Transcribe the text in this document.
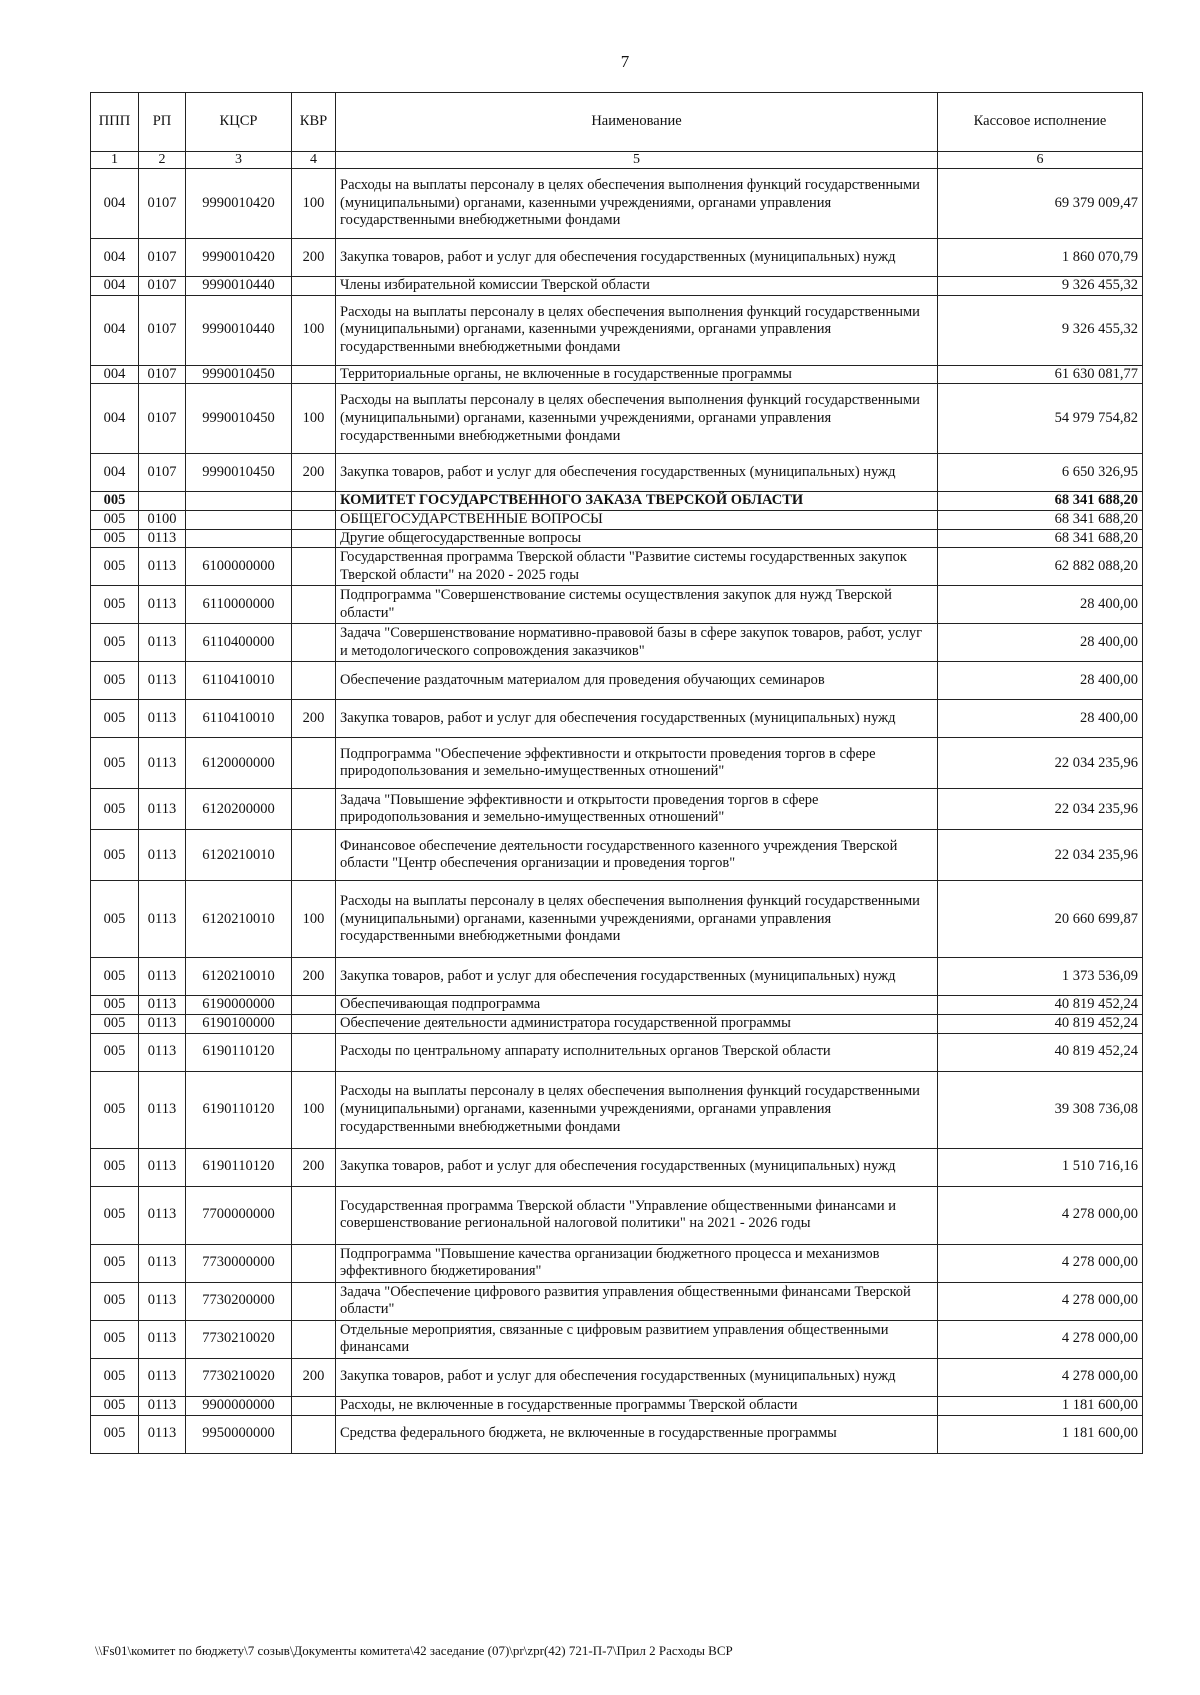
7
ППП	РП	КЦСР	КВР	Наименование	Кассовое исполнение
1	2	3	4	5	6
004	0107	9990010420	100	Расходы на выплаты персоналу в целях обеспечения выполнения функций государственными (муниципальными) органами, казенными учреждениями, органами управления государственными внебюджетными фондами	69 379 009,47
004	0107	9990010420	200	Закупка товаров, работ и услуг для обеспечения государственных (муниципальных) нужд	1 860 070,79
004	0107	9990010440		Члены избирательной комиссии Тверской области	9 326 455,32
004	0107	9990010440	100	Расходы на выплаты персоналу в целях обеспечения выполнения функций государственными (муниципальными) органами, казенными учреждениями, органами управления государственными внебюджетными фондами	9 326 455,32
004	0107	9990010450		Территориальные органы, не включенные в государственные программы	61 630 081,77
004	0107	9990010450	100	Расходы на выплаты персоналу в целях обеспечения выполнения функций государственными (муниципальными) органами, казенными учреждениями, органами управления государственными внебюджетными фондами	54 979 754,82
004	0107	9990010450	200	Закупка товаров, работ и услуг для обеспечения государственных (муниципальных) нужд	6 650 326,95
005				КОМИТЕТ ГОСУДАРСТВЕННОГО ЗАКАЗА ТВЕРСКОЙ ОБЛАСТИ	68 341 688,20
005	0100			ОБЩЕГОСУДАРСТВЕННЫЕ ВОПРОСЫ	68 341 688,20
005	0113			Другие общегосударственные вопросы	68 341 688,20
005	0113	6100000000		Государственная программа Тверской области "Развитие системы государственных закупок Тверской области" на 2020 - 2025 годы	62 882 088,20
005	0113	6110000000		Подпрограмма "Совершенствование системы осуществления закупок для нужд Тверской области"	28 400,00
005	0113	6110400000		Задача "Совершенствование нормативно-правовой базы в сфере закупок товаров, работ, услуг и методологического сопровождения заказчиков"	28 400,00
005	0113	6110410010		Обеспечение раздаточным материалом для проведения обучающих семинаров	28 400,00
005	0113	6110410010	200	Закупка товаров, работ и услуг для обеспечения государственных (муниципальных) нужд	28 400,00
005	0113	6120000000		Подпрограмма "Обеспечение эффективности и открытости проведения торгов в сфере природопользования и земельно-имущественных отношений"	22 034 235,96
005	0113	6120200000		Задача "Повышение эффективности и открытости проведения торгов в сфере природопользования и земельно-имущественных отношений"	22 034 235,96
005	0113	6120210010		Финансовое обеспечение деятельности государственного казенного учреждения Тверской области "Центр обеспечения организации и проведения торгов"	22 034 235,96
005	0113	6120210010	100	Расходы на выплаты персоналу в целях обеспечения выполнения функций государственными (муниципальными) органами, казенными учреждениями, органами управления государственными внебюджетными фондами	20 660 699,87
005	0113	6120210010	200	Закупка товаров, работ и услуг для обеспечения государственных (муниципальных) нужд	1 373 536,09
005	0113	6190000000		Обеспечивающая подпрограмма	40 819 452,24
005	0113	6190100000		Обеспечение деятельности администратора государственной программы	40 819 452,24
005	0113	6190110120		Расходы по центральному аппарату исполнительных органов Тверской области	40 819 452,24
005	0113	6190110120	100	Расходы на выплаты персоналу в целях обеспечения выполнения функций государственными (муниципальными) органами, казенными учреждениями, органами управления государственными внебюджетными фондами	39 308 736,08
005	0113	6190110120	200	Закупка товаров, работ и услуг для обеспечения государственных (муниципальных) нужд	1 510 716,16
005	0113	7700000000		Государственная программа Тверской области "Управление общественными финансами и совершенствование региональной налоговой политики" на 2021 - 2026 годы	4 278 000,00
005	0113	7730000000		Подпрограмма "Повышение качества организации бюджетного процесса и механизмов эффективного бюджетирования"	4 278 000,00
005	0113	7730200000		Задача "Обеспечение цифрового развития управления общественными финансами Тверской области"	4 278 000,00
005	0113	7730210020		Отдельные мероприятия, связанные с цифровым развитием управления общественными финансами	4 278 000,00
005	0113	7730210020	200	Закупка товаров, работ и услуг для обеспечения государственных (муниципальных) нужд	4 278 000,00
005	0113	9900000000		Расходы, не включенные в государственные программы Тверской области	1 181 600,00
005	0113	9950000000		Средства федерального бюджета, не включенные в государственные программы	1 181 600,00
\\Fs01\комитет по бюджету\7 созыв\Документы комитета\42 заседание (07)\pr\zpr(42) 721-П-7\Прил 2 Расходы ВСР
